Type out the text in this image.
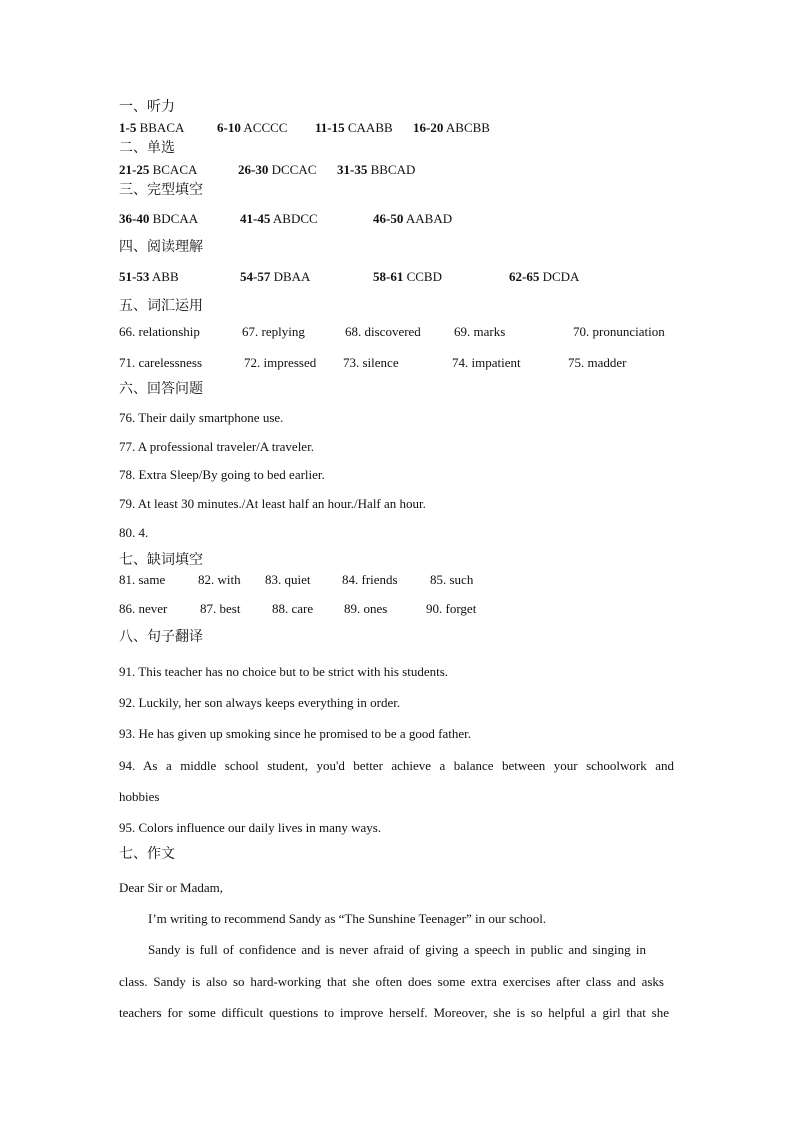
一、听力
1-5 BBACA	6-10 ACCCC 11-15 CAABB 16-20 ABCBB
二、单选
21-25 BCACA	26-30 DCCAC 31-35 BBCAD
三、完型填空
36-40 BDCAA	41-45 ABDCC	46-50 AABAD
四、阅读理解
51-53 ABB	54-57 DBAA	58-61 CCBD	62-65 DCDA
五、词汇运用
66. relationship	67. replying	68. discovered	69. marks	70. pronunciation
71. carelessness	72. impressed 73. silence	74. impatient	75. madder
六、回答问题
76. Their daily smartphone use.
77. A professional traveler/A traveler.
78. Extra Sleep/By going to bed earlier.
79. At least 30 minutes./At least half an hour./Half an hour.
80. 4.
七、缺词填空
81. same	82. with 83. quiet 84. friends 85. such
86. never	87. best 88. care 89. ones	90. forget
八、句子翻译
91. This teacher has no choice but to be strict with his students.
92. Luckily, her son always keeps everything in order.
93. He has given up smoking since he promised to be a good father.
94. As a middle school student, you'd better achieve a balance between your schoolwork and
hobbies
95. Colors influence our daily lives in many ways.
七、作文
Dear Sir or Madam,
I’m writing to recommend Sandy as “The Sunshine Teenager” in our school.
Sandy is full of confidence and is never afraid of giving a speech in public and singing in
class. Sandy is also so hard-working that she often does some extra exercises after class and asks
teachers for some difficult questions to improve herself. Moreover, she is so helpful a girl that she
